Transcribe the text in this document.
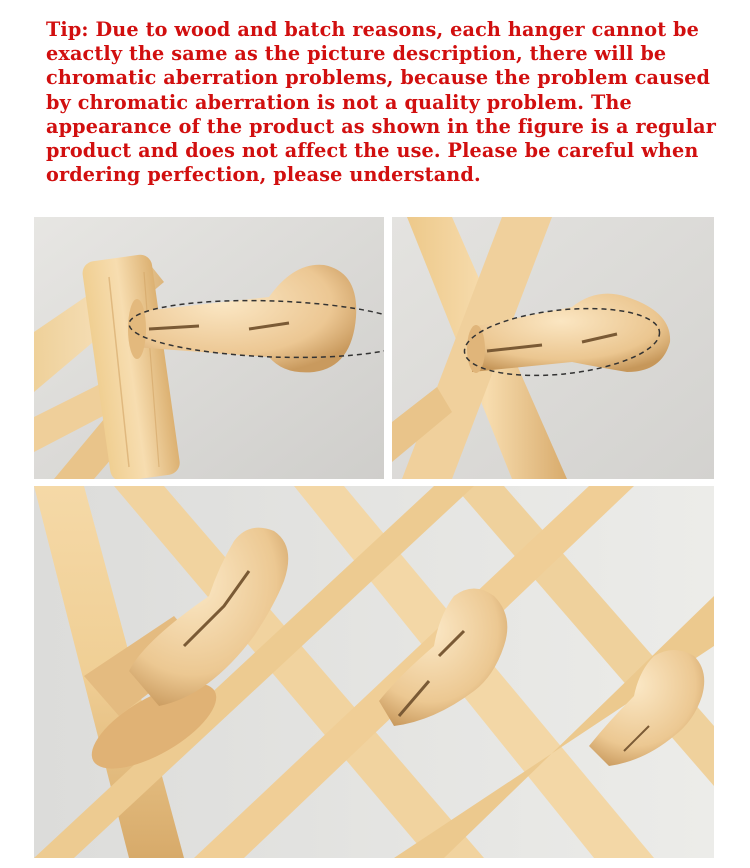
Tip: Due to wood and batch reasons, each hanger cannot be exactly the same as the picture description, there will be chromatic aberration problems, because the problem caused by chromatic aberration is not a quality problem. The appearance of the product as shown in the figure is a regular product and does not affect the use. Please be careful when ordering perfection, please understand.
